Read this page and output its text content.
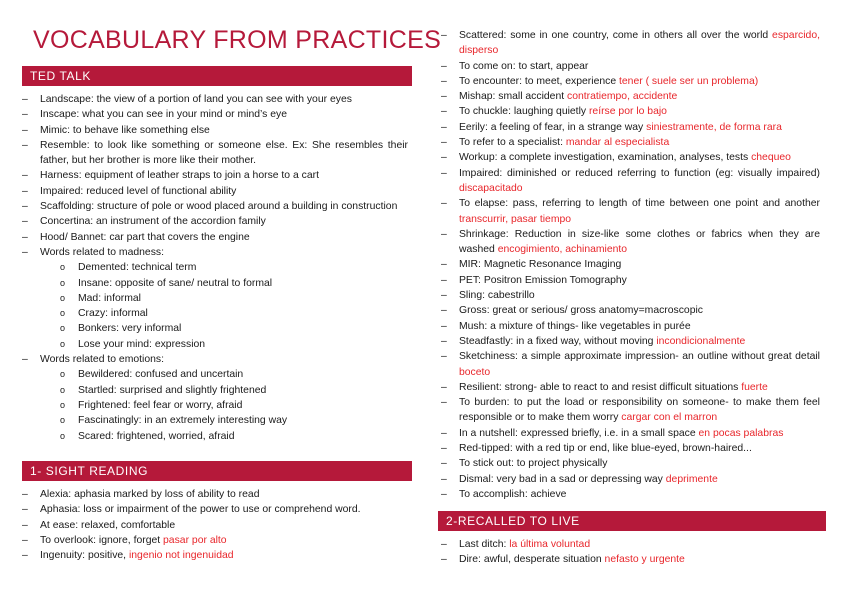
VOCABULARY FROM PRACTICES
TED TALK
– Landscape: the view of a portion of land you can see with your eyes
– Inscape: what you can see in your mind or mind’s eye
– Mimic: to behave like something else
– Resemble: to look like something or someone else. Ex: She resembles their father, but her brother is more like their mother.
– Harness: equipment of leather straps to join a horse to a cart
– Impaired: reduced level of functional ability
– Scaffolding: structure of pole or wood placed around a building in construction
– Concertina: an instrument of the accordion family
– Hood/ Bannet: car part that covers the engine
– Words related to madness:
o Demented: technical term
o Insane: opposite of sane/ neutral to formal
o Mad: informal
o Crazy: informal
o Bonkers: very informal
o Lose your mind: expression
– Words related to emotions:
o Bewildered: confused and uncertain
o Startled: surprised and slightly frightened
o Frightened: feel fear or worry, afraid
o Fascinatingly: in an extremely interesting way
o Scared: frightened, worried, afraid
1- SIGHT READING
– Alexia: aphasia marked by loss of ability to read
– Aphasia: loss or impairment of the power to use or comprehend word.
– At ease: relaxed, comfortable
– To overlook: ignore, forget pasar por alto
– Ingenuity: positive, ingenio not ingenuidad
– Scattered: some in one country, come in others all over the world esparcido, disperso
– To come on: to start, appear
– To encounter: to meet, experience tener ( suele ser un problema)
– Mishap: small accident contratiempo, accidente
– To chuckle: laughing quietly reírse por lo bajo
– Eerily: a feeling of fear, in a strange way siniestramente, de forma rara
– To refer to a specialist: mandar al especialista
– Workup: a complete investigation, examination, analyses, tests chequeo
– Impaired: diminished or reduced referring to function (eg: visually impaired) discapacitado
– To elapse: pass, referring to length of time between one point and another transcurrir, pasar tiempo
– Shrinkage: Reduction in size-like some clothes or fabrics when they are washed encogimiento, achinamiento
– MIR: Magnetic Resonance Imaging
– PET: Positron Emission Tomography
– Sling: cabestrillo
– Gross: great or serious/ gross anatomy=macroscopic
– Mush: a mixture of things- like vegetables in purée
– Steadfastly: in a fixed way, without moving incondicionalmente
– Sketchiness: a simple approximate impression- an outline without great detail boceto
– Resilient: strong- able to react to and resist difficult situations fuerte
– To burden: to put the load or responsibility on someone- to make them feel responsible or to make them worry cargar con el marron
– In a nutshell: expressed briefly, i.e. in a small space en pocas palabras
– Red-tipped: with a red tip or end, like blue-eyed, brown-haired...
– To stick out: to project physically
– Dismal: very bad in a sad or depressing way deprimente
– To accomplish: achieve
2-RECALLED TO LIVE
– Last ditch: la última voluntad
– Dire: awful, desperate situation nefasto y urgente
